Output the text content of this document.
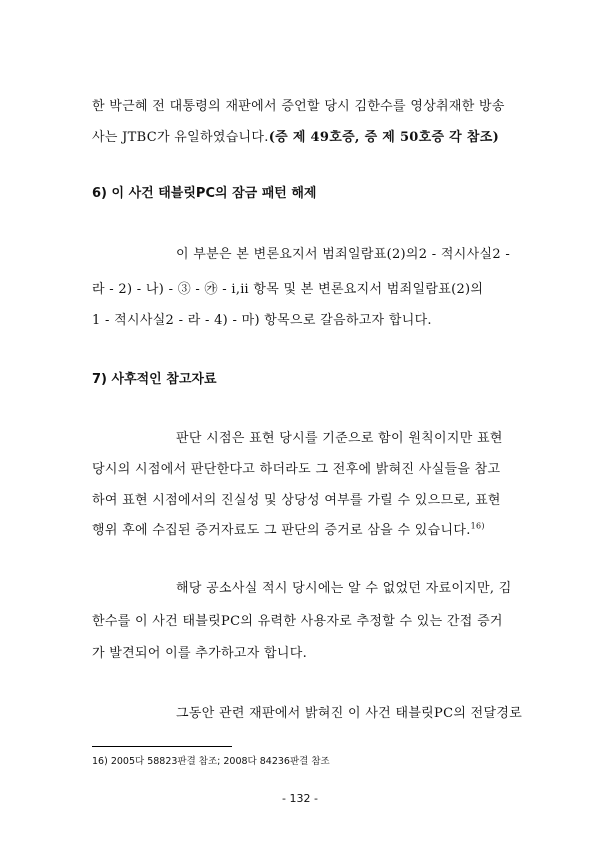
한 박근혜 전 대통령의 재판에서 증언할 당시 김한수를 영상취재한 방송
사는 JTBC가 유일하였습니다.(증 제 49호증, 증 제 50호증 각 참조)
6) 이 사건 태블릿PC의 잠금 패턴 해제
이 부분은 본 변론요지서 범죄일람표(2)의2 - 적시사실2 -
라 - 2) - 나) - ③ - ㉮ - ⅰ,ⅱ 항목 및 본 변론요지서 범죄일람표(2)의
1 - 적시사실2 - 라 - 4) - 마) 항목으로 갈음하고자 합니다.
7) 사후적인 참고자료
판단 시점은 표현 당시를 기준으로 함이 원칙이지만 표현
당시의 시점에서 판단한다고 하더라도 그 전후에 밝혀진 사실들을 참고
하여 표현 시점에서의 진실성 및 상당성 여부를 가릴 수 있으므로, 표현
행위 후에 수집된 증거자료도 그 판단의 증거로 삼을 수 있습니다.$^{16)}$
해당 공소사실 적시 당시에는 알 수 없었던 자료이지만, 김
한수를 이 사건 태블릿PC의 유력한 사용자로 추정할 수 있는 간접 증거
가 발견되어 이를 추가하고자 합니다.
그동안 관련 재판에서 밝혀진 이 사건 태블릿PC의 전달경로
16) 2005다 58823판결 참조; 2008다 84236판결 참조
- 132 -
